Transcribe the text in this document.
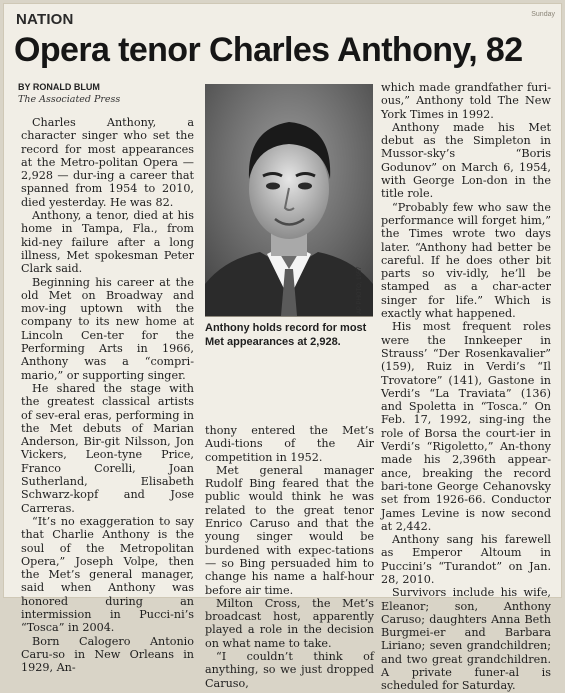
NATION	Sunday
Opera tenor Charles Anthony, 82
BY RONALD BLUM
The Associated Press

Charles Anthony, a character singer who set the record for most appearances at the Metro-politan Opera — 2,928 — dur-ing a career that spanned from 1954 to 2010, died yesterday. He was 82.

Anthony, a tenor, died at his home in Tampa, Fla., from kid-ney failure after a long illness, Met spokesman Peter Clark said.

Beginning his career at the old Met on Broadway and mov-ing uptown with the company to its new home at Lincoln Cen-ter for the Performing Arts in 1966, Anthony was a “compri-mario,” or supporting singer.

He shared the stage with the greatest classical artists of sev-eral eras, performing in the Met debuts of Marian Anderson, Bir-git Nilsson, Jon Vickers, Leon-tyne Price, Franco Corelli, Joan Sutherland, Elisabeth Schwarz-kopf and Jose Carreras.

“It’s no exaggeration to say that Charlie Anthony is the soul of the Metropolitan Opera,” Joseph Volpe, then the Met’s general manager, said when Anthony was honored during an intermission in Pucci-ni’s “Tosca” in 2004.

Born Calogero Antonio Caru-so in New Orleans in 1929, An-

AP PHOTO, 1957
Anthony holds record for most Met appearances at 2,928.

thony entered the Met’s Audi-tions of the Air competition in 1952.

Met general manager Rudolf Bing feared that the public would think he was related to the great tenor Enrico Caruso and that the young singer would be burdened with expec-tations — so Bing persuaded him to change his name a half-hour before air time.

Milton Cross, the Met’s broadcast host, apparently played a role in the decision on what name to take.

“I couldn’t think of anything, so we just dropped Caruso,

which made grandfather furi-ous,” Anthony told The New York Times in 1992.

Anthony made his Met debut as the Simpleton in Mussor-sky’s “Boris Godunov” on March 6, 1954, with George Lon-don in the title role.

“Probably few who saw the performance will forget him,” the Times wrote two days later. “Anthony had better be careful. If he does other bit parts so viv-idly, he’ll be stamped as a char-acter singer for life.” Which is exactly what happened.

His most frequent roles were the Innkeeper in Strauss’ “Der Rosenkavalier” (159), Ruiz in Verdi’s “Il Trovatore” (141), Gastone in Verdi’s “La Traviata” (136) and Spoletta in “Tosca.” On Feb. 17, 1992, sing-ing the role of Borsa the court-ier in Verdi’s “Rigoletto,” An-thony made his 2,396th appear-ance, breaking the record bari-tone George Cehanovsky set from 1926-66. Conductor James Levine is now second at 2,442.

Anthony sang his farewell as Emperor Altoum in Puccini’s “Turandot” on Jan. 28, 2010.

Survivors include his wife, Eleanor; son, Anthony Caruso; daughters Anna Beth Burgmei-er and Barbara Liriano; seven grandchildren; and two great grandchildren. A private funer-al is scheduled for Saturday.
